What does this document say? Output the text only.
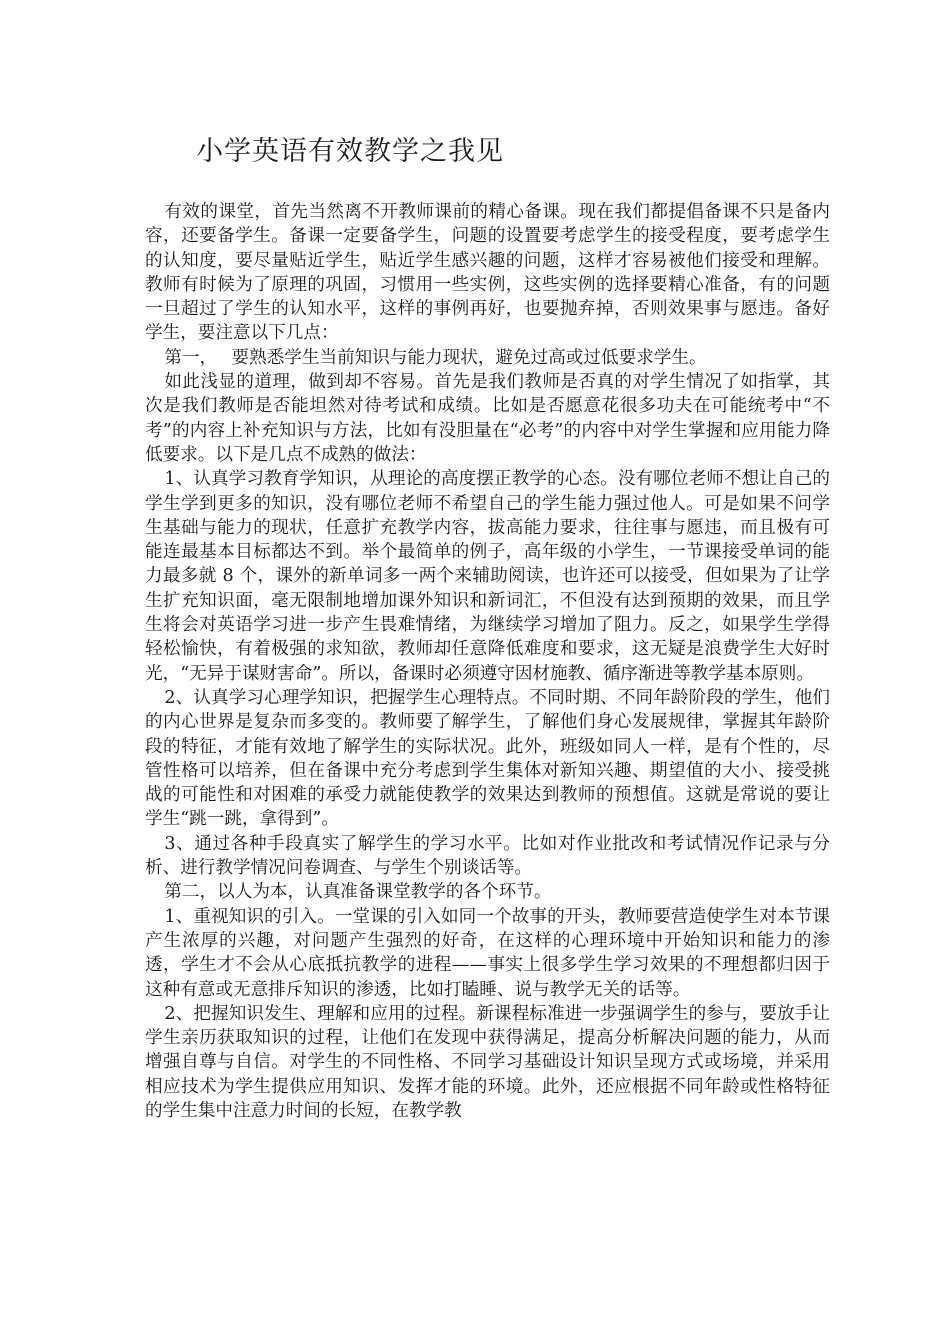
小学英语有效教学之我见

有效的课堂，首先当然离不开教师课前的精心备课。现在我们都提倡备课不只是备内容，还要备学生。备课一定要备学生，问题的设置要考虑学生的接受程度，要考虑学生的认知度，要尽量贴近学生，贴近学生感兴趣的问题，这样才容易被他们接受和理解。教师有时候为了原理的巩固，习惯用一些实例，这些实例的选择要精心准备，有的问题一旦超过了学生的认知水平，这样的事例再好，也要抛弃掉，否则效果事与愿违。备好学生，要注意以下几点：

第一，　 要熟悉学生当前知识与能力现状，避免过高或过低要求学生。

如此浅显的道理，做到却不容易。首先是我们教师是否真的对学生情况了如指掌，其次是我们教师是否能坦然对待考试和成绩。比如是否愿意花很多功夫在可能统考中“不考”的内容上补充知识与方法，比如有没胆量在“必考”的内容中对学生掌握和应用能力降低要求。以下是几点不成熟的做法：

1、认真学习教育学知识，从理论的高度摆正教学的心态。没有哪位老师不想让自己的学生学到更多的知识，没有哪位老师不希望自己的学生能力强过他人。可是如果不问学生基础与能力的现状，任意扩充教学内容，拔高能力要求，往往事与愿违，而且极有可能连最基本目标都达不到。举个最简单的例子，高年级的小学生，一节课接受单词的能力最多就 8 个，课外的新单词多一两个来辅助阅读，也许还可以接受，但如果为了让学生扩充知识面，毫无限制地增加课外知识和新词汇，不但没有达到预期的效果，而且学生将会对英语学习进一步产生畏难情绪，为继续学习增加了阻力。反之，如果学生学得轻松愉快，有着极强的求知欲，教师却任意降低难度和要求，这无疑是浪费学生大好时光，“无异于谋财害命”。所以，备课时必须遵守因材施教、循序渐进等教学基本原则。

2、认真学习心理学知识，把握学生心理特点。不同时期、不同年龄阶段的学生，他们的内心世界是复杂而多变的。教师要了解学生，了解他们身心发展规律，掌握其年龄阶段的特征，才能有效地了解学生的实际状况。此外，班级如同人一样，是有个性的，尽管性格可以培养，但在备课中充分考虑到学生集体对新知兴趣、期望值的大小、接受挑战的可能性和对困难的承受力就能使教学的效果达到教师的预想值。这就是常说的要让学生“跳一跳，拿得到”。

3、通过各种手段真实了解学生的学习水平。比如对作业批改和考试情况作记录与分析、进行教学情况问卷调查、与学生个别谈话等。

第二，以人为本，认真准备课堂教学的各个环节。

1、重视知识的引入。一堂课的引入如同一个故事的开头，教师要营造使学生对本节课产生浓厚的兴趣，对问题产生强烈的好奇，在这样的心理环境中开始知识和能力的渗透，学生才不会从心底抵抗教学的进程——事实上很多学生学习效果的不理想都归因于这种有意或无意排斥知识的渗透，比如打瞌睡、说与教学无关的话等。

2、把握知识发生、理解和应用的过程。新课程标准进一步强调学生的参与，要放手让学生亲历获取知识的过程，让他们在发现中获得满足，提高分析解决问题的能力，从而增强自尊与自信。对学生的不同性格、不同学习基础设计知识呈现方式或场境，并采用相应技术为学生提供应用知识、发挥才能的环境。此外，还应根据不同年龄或性格特征的学生集中注意力时间的长短，在教学教
